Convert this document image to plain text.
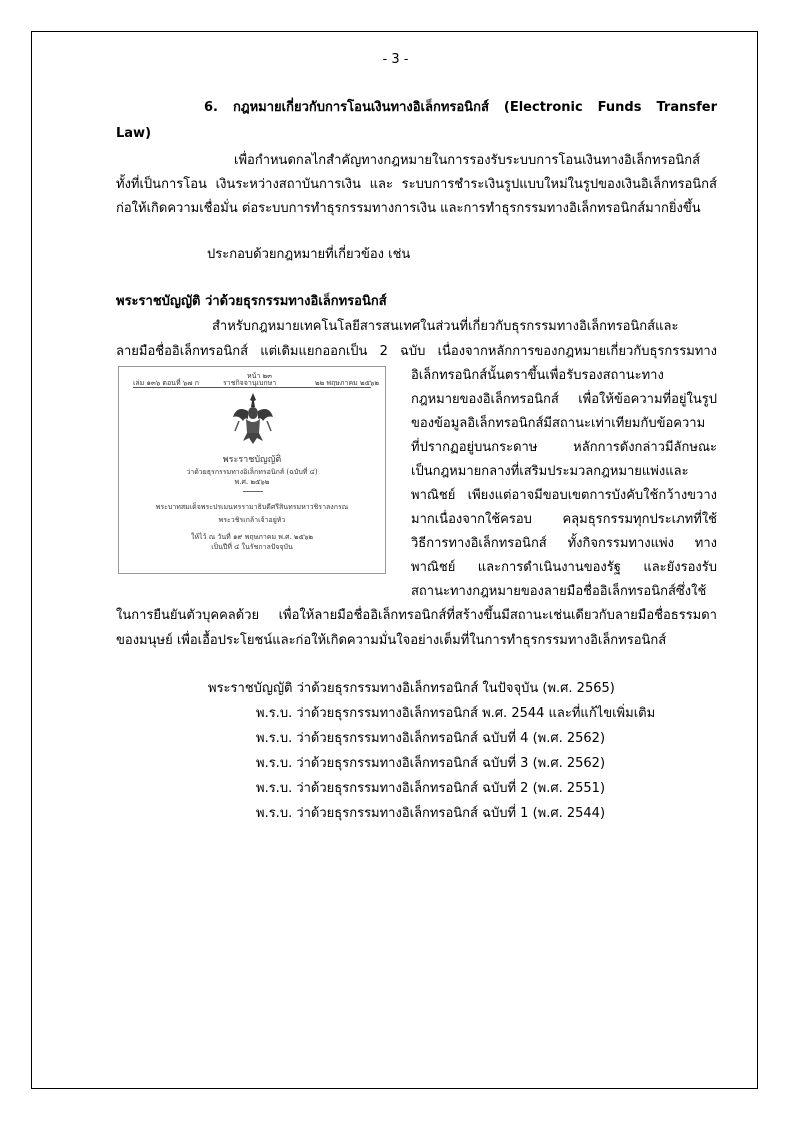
- 3 -
6. กฎหมายเกี่ยวกับการโอนเงินทางอิเล็กทรอนิกส์ (Electronic Funds Transfer
Law)
เพื่อกำหนดกลไกสำคัญทางกฎหมายในการรองรับระบบการโอนเงินทางอิเล็กทรอนิกส์
ทั้งที่เป็นการโอน เงินระหว่างสถาบันการเงิน และ ระบบการชำระเงินรูปแบบใหม่ในรูปของเงินอิเล็กทรอนิกส์
ก่อให้เกิดความเชื่อมั่น ต่อระบบการทำธุรกรรมทางการเงิน และการทำธุรกรรมทางอิเล็กทรอนิกส์มากยิ่งขึ้น
ประกอบด้วยกฎหมายที่เกี่ยวข้อง เช่น
พระราชบัญญัติ ว่าด้วยธุรกรรมทางอิเล็กทรอนิกส์
สำหรับกฎหมายเทคโนโลยีสารสนเทศในส่วนที่เกี่ยวกับธุรกรรมทางอิเล็กทรอนิกส์และ
ลายมือชื่ออิเล็กทรอนิกส์ แต่เดิมแยกออกเป็น 2 ฉบับ เนื่องจากหลักการของกฎหมายเกี่ยวกับธุรกรรมทาง
อิเล็กทรอนิกส์นั้นตราขึ้นเพื่อรับรองสถานะทาง
กฎหมายของอิเล็กทรอนิกส์ เพื่อให้ข้อความที่อยู่ในรูป
ของข้อมูลอิเล็กทรอนิกส์มีสถานะเท่าเทียมกับข้อความ
ที่ปรากฏอยู่บนกระดาษ หลักการดังกล่าวมีลักษณะ
เป็นกฎหมายกลางที่เสริมประมวลกฎหมายแพ่งและ
พาณิชย์ เพียงแต่อาจมีขอบเขตการบังคับใช้กว้างขวาง
มากเนื่องจากใช้ครอบ คลุมธุรกรรมทุกประเภทที่ใช้
วิธีการทางอิเล็กทรอนิกส์ ทั้งกิจกรรมทางแพ่ง ทาง
พาณิชย์ และการดำเนินงานของรัฐ และยังรองรับ
สถานะทางกฎหมายของลายมือชื่ออิเล็กทรอนิกส์ซึ่งใช้
ในการยืนยันตัวบุคคลด้วย เพื่อให้ลายมือชื่ออิเล็กทรอนิกส์ที่สร้างขึ้นมีสถานะเช่นเดียวกับลายมือชื่อธรรมดา
ของมนุษย์ เพื่อเอื้อประโยชน์และก่อให้เกิดความมั่นใจอย่างเต็มที่ในการทำธุรกรรมทางอิเล็กทรอนิกส์
หน้า ๒๓
เล่ม ๑๓๖ ตอนที่ ๖๗ ก	ราชกิจจานุเบกษา	๒๒ พฤษภาคม ๒๕๖๒
พระราชบัญญัติ
ว่าด้วยธุรกรรมทางอิเล็กทรอนิกส์ (ฉบับที่ ๔)
พ.ศ. ๒๕๖๒
พระบาทสมเด็จพระปรเมนทรรามาธิบดีศรีสินทรมหาวชิราลงกรณ
พระวชิรเกล้าเจ้าอยู่หัว
ให้ไว้ ณ วันที่ ๑๙ พฤษภาคม พ.ศ. ๒๕๖๒
เป็นปีที่ ๔ ในรัชกาลปัจจุบัน
พระราชบัญญัติ ว่าด้วยธุรกรรมทางอิเล็กทรอนิกส์ ในปัจจุบัน (พ.ศ. 2565)
พ.ร.บ. ว่าด้วยธุรกรรมทางอิเล็กทรอนิกส์ พ.ศ. 2544 และที่แก้ไขเพิ่มเติม
พ.ร.บ. ว่าด้วยธุรกรรมทางอิเล็กทรอนิกส์ ฉบับที่ 4 (พ.ศ. 2562)
พ.ร.บ. ว่าด้วยธุรกรรมทางอิเล็กทรอนิกส์ ฉบับที่ 3 (พ.ศ. 2562)
พ.ร.บ. ว่าด้วยธุรกรรมทางอิเล็กทรอนิกส์ ฉบับที่ 2 (พ.ศ. 2551)
พ.ร.บ. ว่าด้วยธุรกรรมทางอิเล็กทรอนิกส์ ฉบับที่ 1 (พ.ศ. 2544)
